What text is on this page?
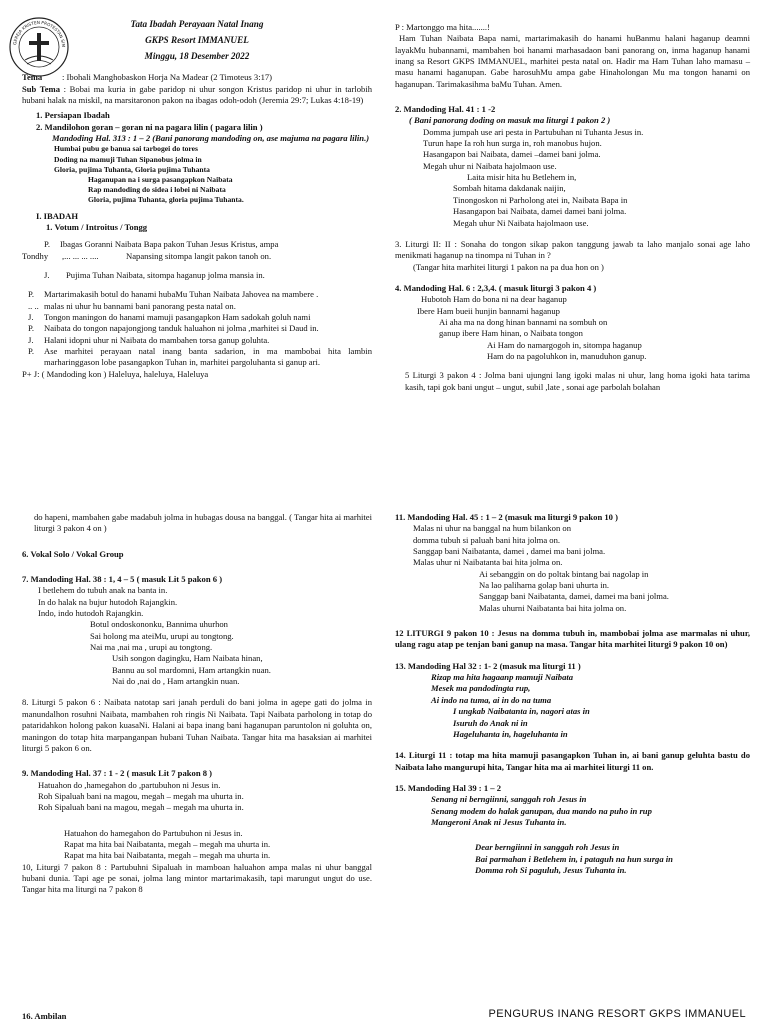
GEREJA KRISTEN PROTESTAN SIM

Tata Ibadah Perayaan Natal Inang

GKPS Resort IMMANUEL

Minggu, 18 Desember 2022

Tema	: Ibohali Manghobaskon Horja Na Madear (2 Timoteus 3:17)

Sub Tema : Bobai ma kuria in gabe paridop ni uhur songon Kristus paridop ni uhur in tarlobih hubani halak na miskil, na marsitaronon pakon na ibagas odoh-odoh (Jeremia 29:7; Lukas 4:18-19)

1. Persiapan Ibadah

2. Mandilohon goran – goran ni na pagara lilin ( pagara lilin )

Mandoding Hal. 313 : 1 – 2 (Bani panorang mandoding on, ase majuma na pagara lilin.)

Humbai pubu ge banua sai tarbogei do tores

Doding na mamuji Tuhan Sipanobus jolma in

Gloria, pujima Tuhanta, Gloria pujima Tuhanta

Haganupan na i surga pasangapkon Naibata

Rap mandoding do sidea i lobei ni Naibata

Gloria, pujima Tuhanta, gloria pujima Tuhanta.

I. IBADAH

1. Votum / Introitus / Tongg

P.	Ibagas Goranni Naibata Bapa pakon Tuhan Jesus Kristus, ampa
Tondhy	,... ... ... ....	Napansing sitompa langit pakon tanoh on.
J.	Pujima Tuhan Naibata, sitompa haganup jolma mansia in.
P.	Martarimakasih botul do hanami hubaMu Tuhan Naibata Jahovea na mambere .
.. .. malas ni uhur hu bannami bani panorang pesta natal on.
J.	Tongon maningon do hanami mamuji pasangapkon Ham sadokah goluh nami
P.	Naibata do tongon napajongjong tanduk haluahon ni jolma ,marhitei si Daud in.
J.	Halani idopni uhur ni Naibata do mambahen torsa ganup goluhta.
P.	Ase marhitei perayaan natal inang banta sadarion, in ma mambobai hita lambin marharinggason lobe pasangapkon Tuhan in, marhitei pargoluhanta si ganup ari.

P+ J: ( Mandoding kon ) Haleluya, haleluya, Haleluya

P : Martonggo ma hita.......!

Ham Tuhan Naibata Bapa nami, martarimakasih do hanami huBanmu halani haganup deamni layakMu hubannami, mambahen boi hanami marhasadaon bani panorang on, inma haganup hanami inang sa Resort GKPS IMMANUEL, marhitei pesta natal on. Hadir ma Ham Tuhan laho mamasu – masu hanami haganupan. Gabe harosuhMu ampa gabe Hinaholongan Mu ma tongon hanami on haganupan. Tarimakasihma baMu Tuhan. Amen.

2. Mandoding Hal. 41 : 1 -2

( Bani panorang doding on masuk ma liturgi 1 pakon 2 )

Domma jumpah use ari pesta in Partubuhan ni Tuhanta Jesus in.

Turun hape Ia roh hun surga in, roh manobus hujon.

Hasangapon bai Naibata, damei –damei bani jolma.

Megah uhur ni Naibata hajolmaon use.

Laita misir hita hu Betlehem in,

Sombah hitama dakdanak naijin,

Tinongoskon ni Parholong atei in, Naibata Bapa in

Hasangapon bai Naibata, damei damei bani jolma.

Megah uhur Ni Naibata hajolmaon use.

3. Liturgi II: II : Sonaha do tongon sikap pakon tanggung jawab ta laho manjalo sonai age laho menikmati haganup na tinompa ni Tuhan in ?

(Tangar hita marhitei liturgi 1 pakon na pa dua hon on )

4. Mandoding Hal. 6 : 2,3,4. ( masuk liturgi 3 pakon 4 )

Hubotoh Ham do bona ni na dear haganup

Ibere Ham bueii hunjin bannami haganup

Ai aha ma na dong hinan bannami na sombuh on

ganup ibere Ham hinan, o Naibata tongon

Ai Ham do namargogoh in, sitompa haganup

Ham do na pagoluhkon in, manuduhon ganup.

5 Liturgi 3 pakon 4 : Jolma bani ujungni lang igoki malas ni uhur, lang homa igoki hata tarima kasih, tapi gok bani ungut – ungut, subil ,late , sonai age parbolah bolahan

do hapeni, mambahen gabe madabuh jolma in hubagas dousa na banggal. ( Tangar hita ai marhitei liturgi 3 pakon 4 on )

6. Vokal Solo / Vokal Group

7. Mandoding Hal. 38 : 1, 4 – 5 ( masuk Lit 5 pakon 6 )

I betlehem do tubuh anak na banta in.

In do halak na bujur hutodoh Rajangkin.

Indo, indo hutodoh Rajangkin.

Botul ondoskononku, Bannima uhurhon

Sai holong ma ateiMu, urupi au tongtong.

Nai ma ,nai ma , urupi au tongtong.

Usih songon dagingku, Ham Naibata hinan,

Bannu au sol mardomni, Ham artangkin nuan.

Nai do ,nai do , Ham artangkin nuan.

8. Liturgi 5 pakon 6 : Naibata natotap sari janah perduli do bani jolma in agepe gati do jolma in manundalhon rosuhni Naibata, mambahen roh ringis Ni Naibata. Tapi Naibata parholong in totap do pataridahkon holong pakon kuasaNi. Halani ai bapa inang bani haganupan paruntolon ni goluhta on, maningon do totap hita marpanganpan hubani Tuhan Naibata. Tangar hita ma hasaksian ai marhitei liturgi 5 pakon 6 on.

9. Mandoding Hal. 37 : 1 - 2 ( masuk Lit 7 pakon 8 )

Hatuahon do ,hamegahon do ,partubuhon ni Jesus in.

Roh Sipaluah bani na magou, megah – megah ma uhurta in.

Roh Sipaluah bani na magou, megah – megah ma uhurta in.

Hatuahon do hamegahon do Partubuhon ni Jesus in.

Rapat ma hita bai Naibatanta, megah – megah ma uhurta in.

Rapat ma hita bai Naibatanta, megah – megah ma uhurta in.

10, Liturgi 7 pakon 8 : Partubuhni Sipaluah in mamboan haluahon ampa malas ni uhur banggal hubani dunia. Tapi age pe sonai, jolma lang mintor martarimakasih, tapi marungut ungut do use. Tangar hita ma liturgi na 7 pakon 8

11. Mandoding Hal. 45 : 1 – 2 (masuk ma liturgi 9 pakon 10 )

Malas ni uhur na banggal na hum bilankon on

domma tubuh si paluah bani hita jolma on.

Sanggap bani Naibatanta, damei , damei ma bani jolma.

Malas uhur ni Naibatanta bai hita jolma on.

Ai sebanggin on do poltak bintang bai nagolap in

Na lao paliharna golap bani uhurta in.

Sanggap bani Naibatanta, damei, damei ma bani jolma.

Malas uhurni Naibatanta bai hita jolma on.

12 LITURGI 9 pakon 10 : Jesus na domma tubuh in, mambobai jolma ase marmalas ni uhur, ulang ragu atap pe tenjan bani ganup na masa. Tangar hita marhitei liturgi 9 pakon 10 on)

13. Mandoding Hal 32 : 1- 2 (masuk ma liturgi 11 )

Rizap ma hita hagaanp mamuji Naibata

Mesek ma pandodingta rup,

Ai indo na tuma, ai in do na tuma

I ungkab Naibatanta in, nagori atas in

Isuruh do Anak ni in

Hageluhanta in, hageluhanta in

14. Liturgi 11 : totap ma hita mamuji pasangapkon Tuhan in, ai bani ganup geluhta bastu do Naibata laho mangurupi hita, Tangar hita ma ai marhitei liturgi 11 on.

15. Mandoding Hal 39 : 1 – 2

Senang ni berngiinni, sanggah roh Jesus in

Senang modem do halak ganupan, dua mando na puho in rup

Mangeroni Anak ni Jesus Tuhanta in.

Dear berngiinni in sanggah roh Jesus in

Bai parmahan i Betlehem in, i pataguh na hun surga in

Domma roh Si paguluh, Jesus Tuhanta in.

16. Ambilan	PENGURUS INANG RESORT GKPS IMMANUEL
